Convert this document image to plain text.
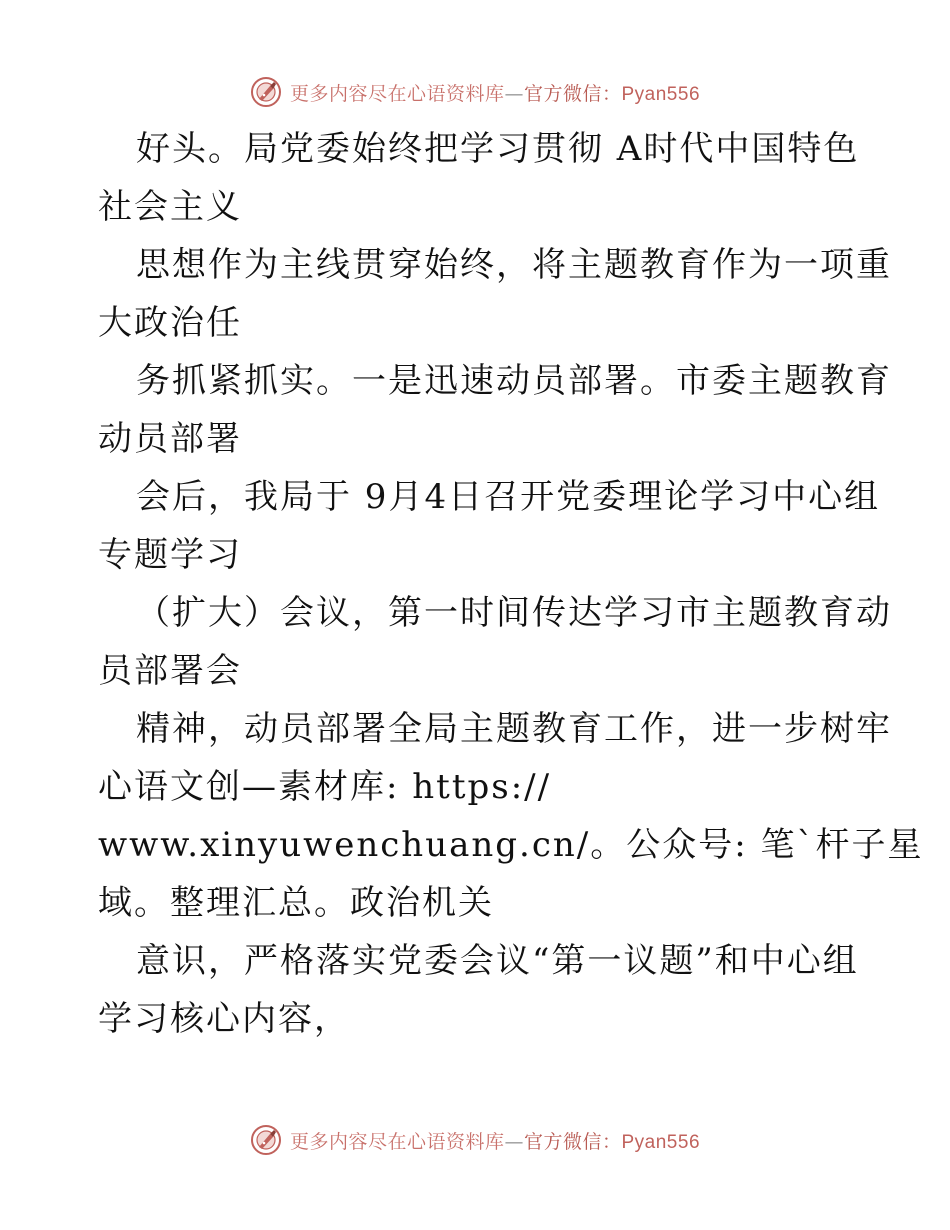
更多内容尽在心语资料库—官方微信：Pyan556
好头。局党委始终把学习贯彻 A时代中国特色
社会主义
思想作为主线贯穿始终，将主题教育作为一项重
大政治任
务抓紧抓实。一是迅速动员部署。市委主题教育
动员部署
会后，我局于 9月4日召开党委理论学习中心组
专题学习
（扩大）会议，第一时间传达学习市主题教育动
员部署会
精神，动员部署全局主题教育工作，进一步树牢
心语文创—素材库: https://
www.xinyuwenchuang.cn/。公众号: 笔`杆子星
域。整理汇总。政治机关
意识，严格落实党委会议“第一议题”和中心组
学习核心内容，
更多内容尽在心语资料库—官方微信：Pyan556
